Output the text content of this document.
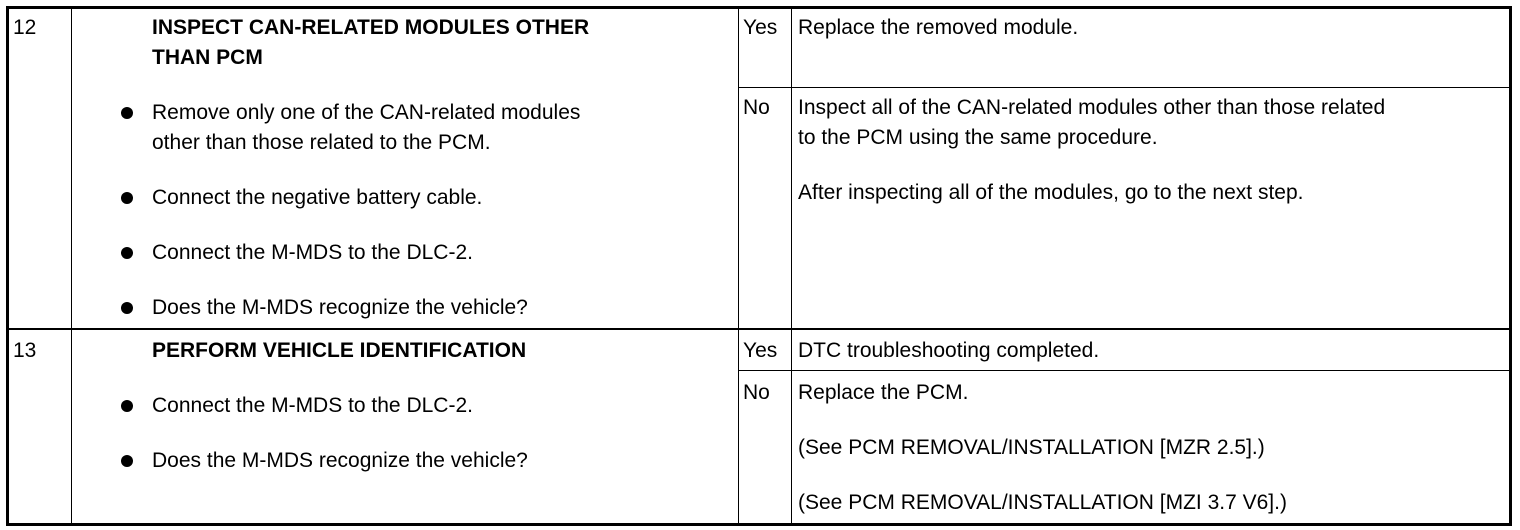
12	INSPECT CAN-RELATED MODULES OTHER
THAN PCM
Remove only one of the CAN-related modules
other than those related to the PCM.
Connect the negative battery cable.
Connect the M-MDS to the DLC-2.
Does the M-MDS recognize the vehicle?
Yes Replace the removed module.
No Inspect all of the CAN-related modules other than those related
to the PCM using the same procedure.
After inspecting all of the modules, go to the next step.
13	PERFORM VEHICLE IDENTIFICATION
Connect the M-MDS to the DLC-2.
Does the M-MDS recognize the vehicle?
Yes DTC troubleshooting completed.
No Replace the PCM.
(See PCM REMOVAL/INSTALLATION [MZR 2.5].)
(See PCM REMOVAL/INSTALLATION [MZI 3.7 V6].)
